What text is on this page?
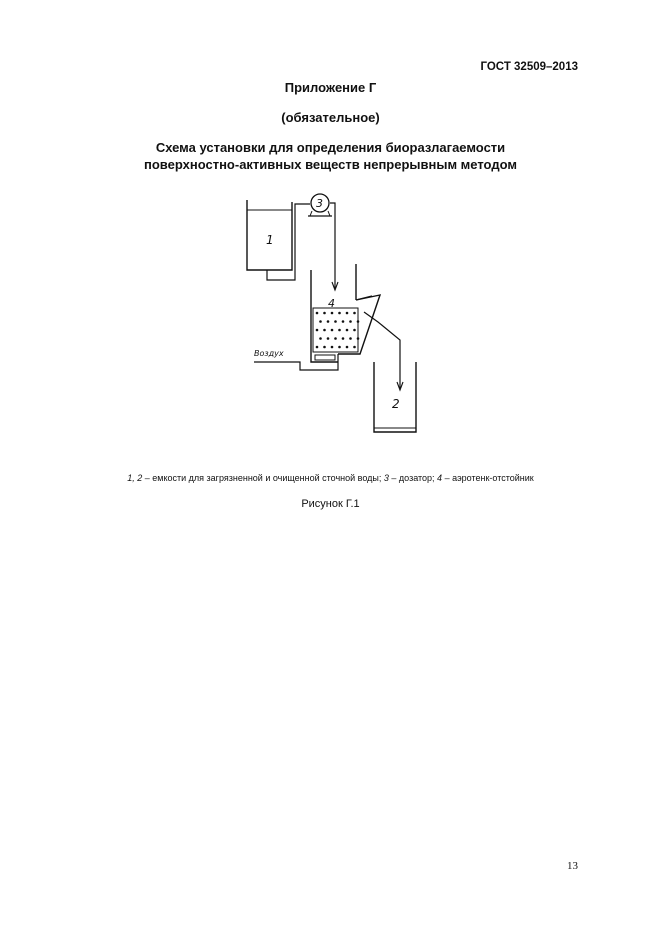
ГОСТ 32509–2013
Приложение Г
(обязательное)
Схема установки для определения биоразлагаемости
поверхностно-активных веществ непрерывным методом
1
3
4
Воздух
2
1, 2 – емкости для загрязненной и очищенной сточной воды; 3 – дозатор; 4 – аэротенк-отстойник
Рисунок Г.1
13
